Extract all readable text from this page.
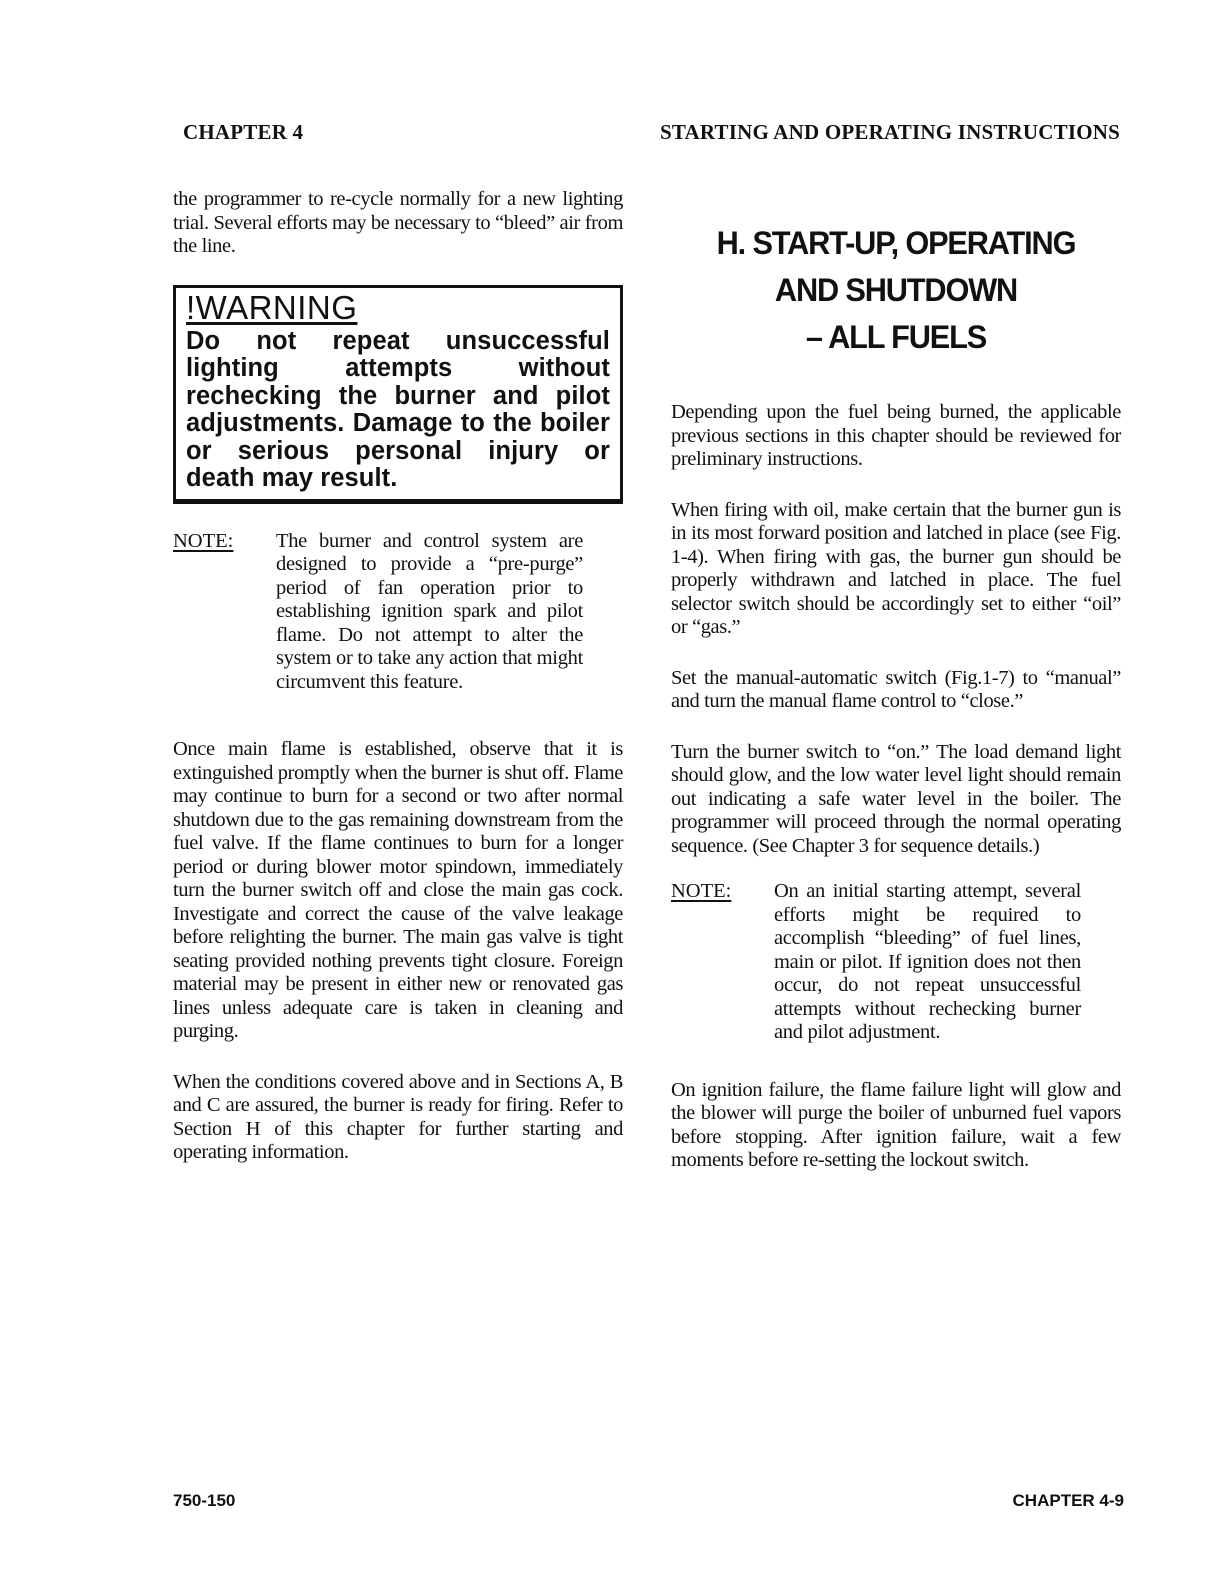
CHAPTER 4	STARTING AND OPERATING INSTRUCTIONS

the programmer to re-cycle normally for a new lighting trial. Several efforts may be necessary to “bleed” air from the line.

!WARNING

Do not repeat unsuccessful lighting attempts without rechecking the burner and pilot adjustments. Damage to the boiler or serious personal injury or death may result.

NOTE:	The burner and control system are designed to provide a “pre-purge” period of fan operation prior to establishing ignition spark and pilot flame. Do not attempt to alter the system or to take any action that might circumvent this feature.

Once main flame is established, observe that it is extinguished promptly when the burner is shut off. Flame may continue to burn for a second or two after normal shutdown due to the gas remaining downstream from the fuel valve. If the flame continues to burn for a longer period or during blower motor spindown, immediately turn the burner switch off and close the main gas cock. Investigate and correct the cause of the valve leakage before relighting the burner. The main gas valve is tight seating provided nothing prevents tight closure. Foreign material may be present in either new or renovated gas lines unless adequate care is taken in cleaning and purging.

When the conditions covered above and in Sections A, B and C are assured, the burner is ready for firing. Refer to Section H of this chapter for further starting and operating information.

H. START-UP, OPERATING
AND SHUTDOWN
– ALL FUELS

Depending upon the fuel being burned, the applicable previous sections in this chapter should be reviewed for preliminary instructions.

When firing with oil, make certain that the burner gun is in its most forward position and latched in place (see Fig. 1-4). When firing with gas, the burner gun should be properly withdrawn and latched in place. The fuel selector switch should be accordingly set to either “oil” or “gas.”

Set the manual-automatic switch (Fig.1-7) to “manual” and turn the manual flame control to “close.”

Turn the burner switch to “on.” The load demand light should glow, and the low water level light should remain out indicating a safe water level in the boiler. The programmer will proceed through the normal operating sequence. (See Chapter 3 for sequence details.)

NOTE:	On an initial starting attempt, several efforts might be required to accomplish “bleeding” of fuel lines, main or pilot. If ignition does not then occur, do not repeat unsuccessful attempts without rechecking burner and pilot adjustment.

On ignition failure, the flame failure light will glow and the blower will purge the boiler of unburned fuel vapors before stopping. After ignition failure, wait a few moments before re-setting the lockout switch.

750-150	CHAPTER 4-9
